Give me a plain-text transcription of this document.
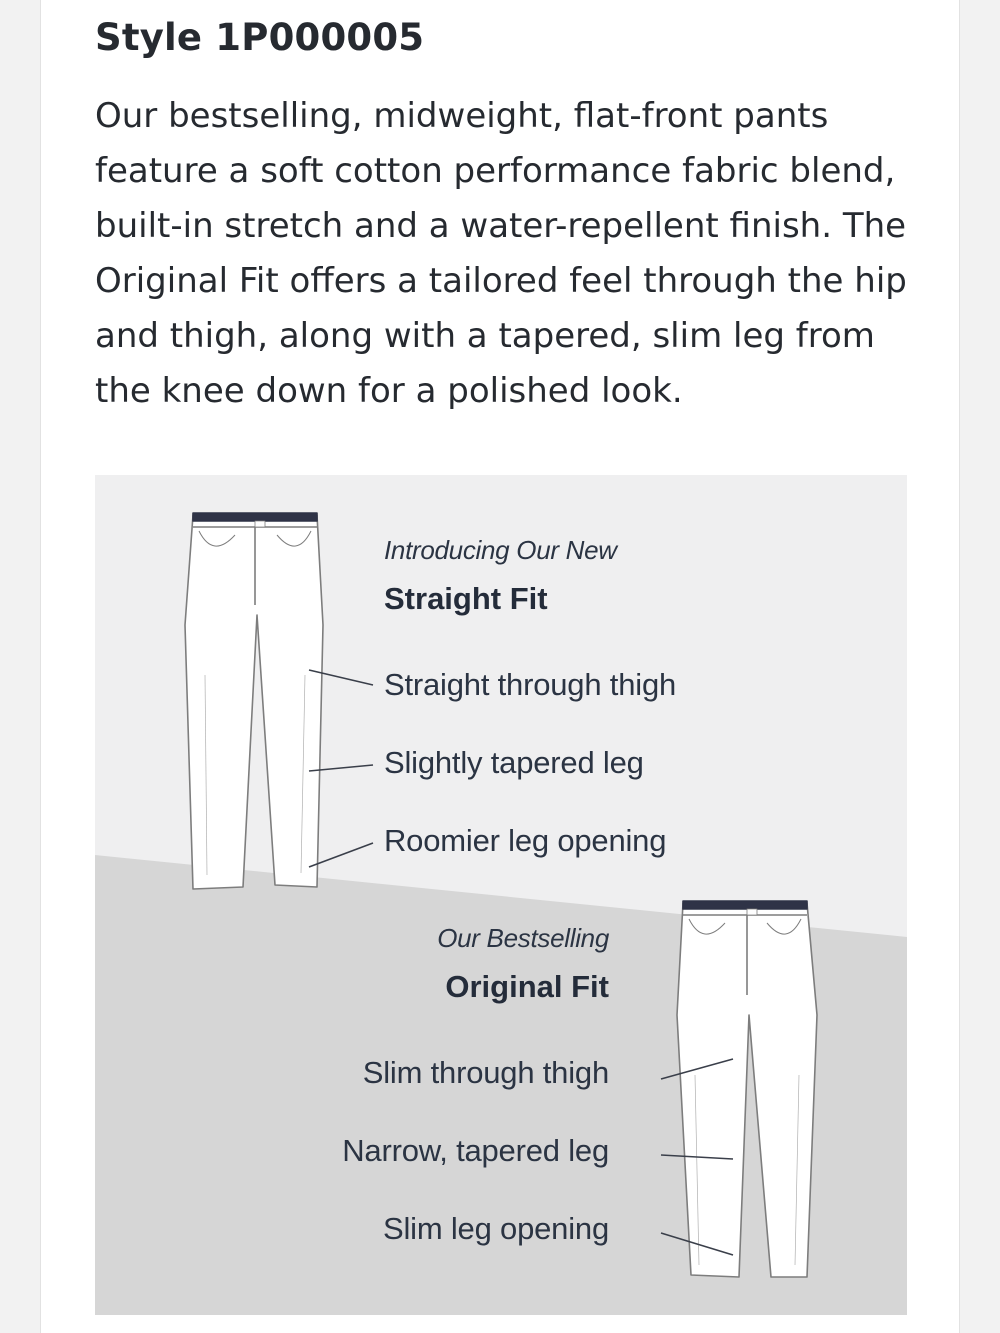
Style 1P000005

Our bestselling, midweight, flat-front pants feature a soft cotton performance fabric blend, built-in stretch and a water-repellent finish. The Original Fit offers a tailored feel through the hip and thigh, along with a tapered, slim leg from the knee down for a polished look.

Introducing Our New
Straight Fit
Straight through thigh
Slightly tapered leg
Roomier leg opening
Our Bestselling
Original Fit
Slim through thigh
Narrow, tapered leg
Slim leg opening
